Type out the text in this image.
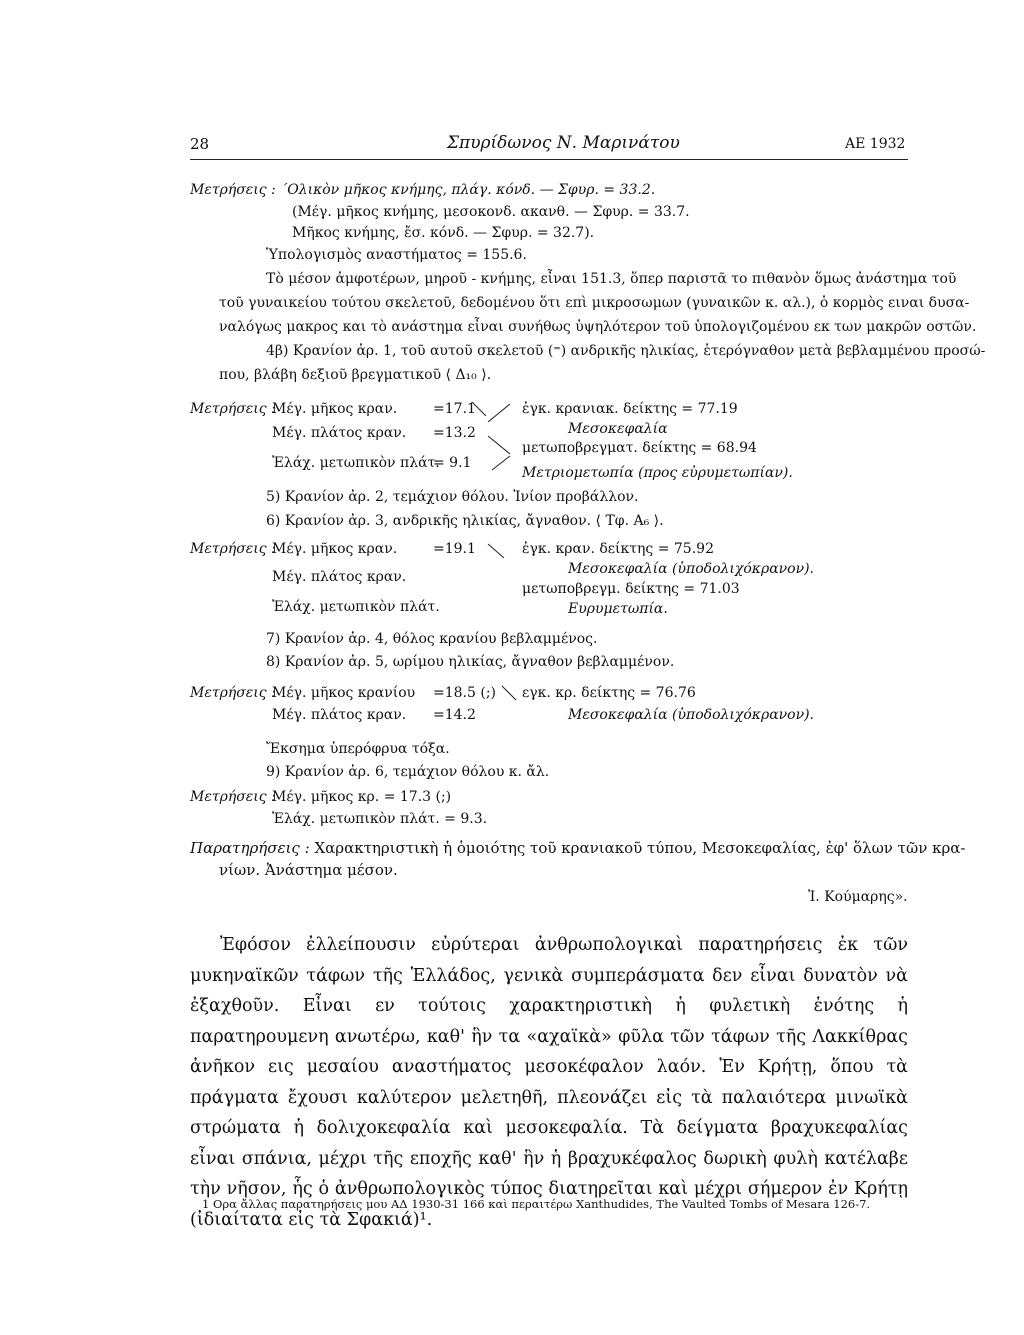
28	Σπυρίδωνος Ν. Μαρινάτου	ΑΕ 1932
Μετρήσεις : ΄Ολικὸν μῆκος κνήμης, πλάγ. κόνδ. — Σφυρ. = 33.2.
(Μέγ. μῆκος κνήμης, μεσοκονδ. ακανθ. — Σφυρ. = 33.7.
Μῆκος κνήμης, ἔσ. κόνδ. — Σφυρ. = 32.7).
Ὑπολογισμὸς αναστήματος = 155.6.
Τὸ μέσον ἀμφοτέρων, μηροῦ - κνήμης, εἶναι 151.3, ὅπερ παριστᾶ το πιθανὸν ὅμως ἀνάστημα τοῦ
τοῦ γυναικείου τούτου σκελετοῦ, δεδομένου ὅτι επὶ μικροσωμων (γυναικῶν κ. αλ.), ὁ κορμὸς ειναι δυσα-
ναλόγως μακρος και τὸ ανάστημα εἶναι συνήθως ὑψηλότερον τοῦ ὑπολογιζομένου εκ των μακρῶν οστῶν.
4β) Κρανίον ἀρ. 1, τοῦ αυτοῦ σκελετοῦ (⁼) ανδρικῆς ηλικίας, ἑτερόγναθον μετὰ βεβλαμμένου προσώ-
που, βλάβη δεξιοῦ βρεγματικοῦ ⟨ Δ₁₀ ⟩.
Μετρήσεις :
Μέγ. μῆκος κραν.	=17.1
Μέγ. πλάτος κραν. =13.2
Ἐλάχ. μετωπικὸν πλάτ.
= 9.1
ἐγκ. κρανιακ. δείκτης = 77.19
Μεσοκεφαλία
μετωποβρεγματ. δείκτης = 68.94
Μετριομετωπία (προς εὐρυμετωπίαν).
5) Κρανίον ἀρ. 2, τεμάχιον θόλου. Ἰνίον προβάλλον.
6) Κρανίον ἀρ. 3, ανδρικῆς ηλικίας, ἄγναθον. ⟨ Τφ. Α₆ ⟩.
Μετρήσεις :
Μέγ. μῆκος κραν.	=19.1
Μέγ. πλάτος κραν.
Ἐλάχ. μετωπικὸν πλάτ.
ἐγκ. κραν. δείκτης = 75.92
Μεσοκεφαλία (ὑποδολιχόκρανον).
μετωποβρεγμ. δείκτης = 71.03
Ευρυμετωπία.
7) Κρανίον ἀρ. 4, θόλος κρανίου βεβλαμμένος.
8) Κρανίον ἀρ. 5, ωρίμου ηλικίας, ἄγναθον βεβλαμμένον.
Μετρήσεις :
Μέγ. μῆκος κρανίου =18.5 (;)
Μέγ. πλάτος κραν. =14.2
εγκ. κρ. δείκτης = 76.76
Μεσοκεφαλία (ὑποδολιχόκρανον).
Ἔκσημα ὑπερόφρυα τόξα.
9) Κρανίον ἀρ. 6, τεμάχιον θόλου κ. ἄλ.
Μετρήσεις :
Μέγ. μῆκος κρ. = 17.3 (;)
Ἐλάχ. μετωπικὸν πλάτ. = 9.3.
Παρατηρήσεις : Χαρακτηριστικὴ ἡ ὁμοιότης τοῦ κρανιακοῦ τύπου, Μεσοκεφαλίας, ἐφ' ὅλων τῶν κρα-
νίων. Ἀνάστημα μέσον.
Ἰ. Κούμαρης».

Ἐφόσον ἐλλείπουσιν εὐρύτεραι ἀνθρωπολογικαὶ παρατηρήσεις ἐκ τῶν μυκηναϊκῶν τάφων τῆς Ἑλλάδος, γενικὰ συμπεράσματα δεν εἶναι δυνατὸν νὰ ἐξαχθοῦν. Εἶναι εν τούτοις χαρακτηριστικὴ ἡ φυλετικὴ ἑνότης ἡ παρατηρουμενη ανωτέρω, καθ' ἣν τα «αχαϊκὰ» φῦλα τῶν τάφων τῆς Λακκίθρας ἀνῆκον εις μεσαίου αναστήματος μεσοκέφαλον λαόν. Ἐν Κρήτῃ, ὅπου τὰ πράγματα ἔχουσι καλύτερον μελετηθῆ, πλεονάζει εἰς τὰ παλαιότερα μινωϊκὰ στρώματα ἡ δολιχοκεφαλία καὶ μεσοκεφαλία. Τὰ δείγματα βραχυκεφαλίας εἶναι σπάνια, μέχρι τῆς εποχῆς καθ' ἣν ἡ βραχυκέφαλος δωρικὴ φυλὴ κατέλαβε τὴν νῆσον, ἧς ὁ ἀνθρωπολογικὸς τύπος διατηρεῖται καὶ μέχρι σήμερον ἐν Κρήτῃ (ἰδιαίτατα εἰς τὰ Σφακιά)¹.

1 Ορα ἄλλας παρατηρήσεις μου ΑΔ 1930-31 166 καὶ περαιτέρω Xanthudides, The Vaulted Tombs of Mesara 126-7.
